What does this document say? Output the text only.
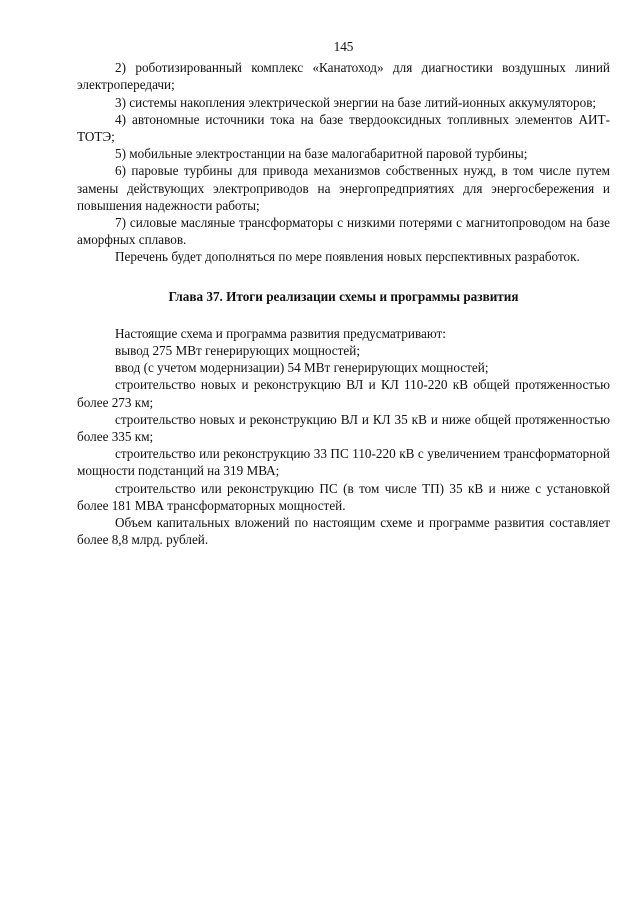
145

2) роботизированный комплекс «Канатоход» для диагностики воздушных линий электропередачи;

3) системы накопления электрической энергии на базе литий-ионных аккумуляторов;

4) автономные источники тока на базе твердооксидных топливных элементов АИТ-ТОТЭ;

5) мобильные электростанции на базе малогабаритной паровой турбины;

6) паровые турбины для привода механизмов собственных нужд, в том числе путем замены действующих электроприводов на энергопредприятиях для энергосбережения и повышения надежности работы;

7) силовые масляные трансформаторы с низкими потерями с магнитопроводом на базе аморфных сплавов.

Перечень будет дополняться по мере появления новых перспективных разработок.

Глава 37. Итоги реализации схемы и программы развития

Настоящие схема и программа развития предусматривают:

вывод 275 МВт генерирующих мощностей;

ввод (с учетом модернизации) 54 МВт генерирующих мощностей;

строительство новых и реконструкцию ВЛ и КЛ 110-220 кВ общей протяженностью более 273 км;

строительство новых и реконструкцию ВЛ и КЛ 35 кВ и ниже общей протяженностью более 335 км;

строительство или реконструкцию 33 ПС 110-220 кВ с увеличением трансформаторной мощности подстанций на 319 МВА;

строительство или реконструкцию ПС (в том числе ТП) 35 кВ и ниже с установкой более 181 МВА трансформаторных мощностей.

Объем капитальных вложений по настоящим схеме и программе развития составляет более 8,8 млрд. рублей.
